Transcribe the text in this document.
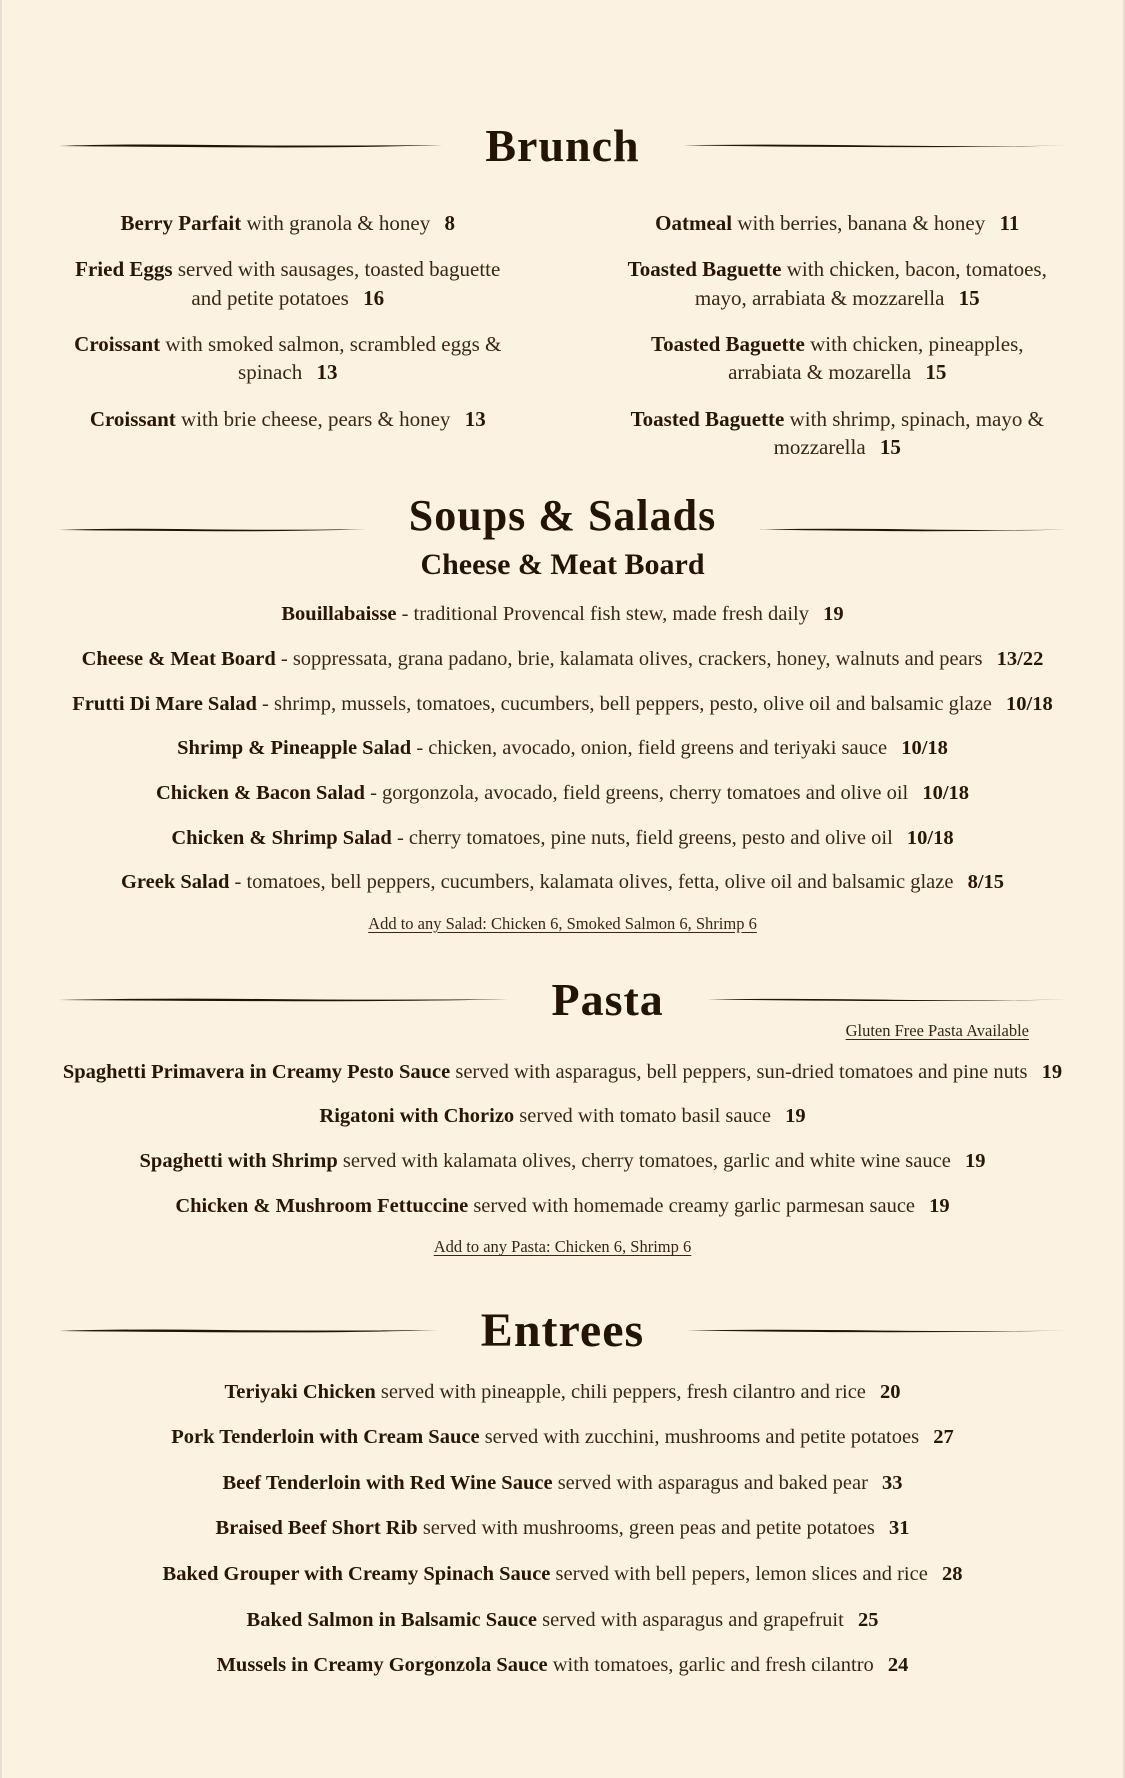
Brunch
Berry Parfait with granola & honey 8	Oatmeal with berries, banana & honey 11
Fried Eggs served with sausages, toasted baguette and petite potatoes 16
Toasted Baguette with chicken, bacon, tomatoes, mayo, arrabiata & mozzarella 15
Croissant with smoked salmon, scrambled eggs & spinach 13
Toasted Baguette with chicken, pineapples, arrabiata & mozarella 15
Croissant with brie cheese, pears & honey 13	Toasted Baguette with shrimp, spinach, mayo & mozzarella 15
Soups & Salads
Cheese & Meat Board
Bouillabaisse - traditional Provencal fish stew, made fresh daily 19
Cheese & Meat Board - soppressata, grana padano, brie, kalamata olives, crackers, honey, walnuts and pears 13/22
Frutti Di Mare Salad - shrimp, mussels, tomatoes, cucumbers, bell peppers, pesto, olive oil and balsamic glaze 10/18
Shrimp & Pineapple Salad - chicken, avocado, onion, field greens and teriyaki sauce 10/18
Chicken & Bacon Salad - gorgonzola, avocado, field greens, cherry tomatoes and olive oil 10/18
Chicken & Shrimp Salad - cherry tomatoes, pine nuts, field greens, pesto and olive oil 10/18
Greek Salad - tomatoes, bell peppers, cucumbers, kalamata olives, fetta, olive oil and balsamic glaze 8/15
Add to any Salad: Chicken 6, Smoked Salmon 6, Shrimp 6
Pasta
Gluten Free Pasta Available
Spaghetti Primavera in Creamy Pesto Sauce served with asparagus, bell peppers, sun-dried tomatoes and pine nuts 19
Rigatoni with Chorizo served with tomato basil sauce 19
Spaghetti with Shrimp served with kalamata olives, cherry tomatoes, garlic and white wine sauce 19
Chicken & Mushroom Fettuccine served with homemade creamy garlic parmesan sauce 19
Add to any Pasta: Chicken 6, Shrimp 6
Entrees
Teriyaki Chicken served with pineapple, chili peppers, fresh cilantro and rice 20
Pork Tenderloin with Cream Sauce served with zucchini, mushrooms and petite potatoes 27
Beef Tenderloin with Red Wine Sauce served with asparagus and baked pear 33
Braised Beef Short Rib served with mushrooms, green peas and petite potatoes 31
Baked Grouper with Creamy Spinach Sauce served with bell pepers, lemon slices and rice 28
Baked Salmon in Balsamic Sauce served with asparagus and grapefruit 25
Mussels in Creamy Gorgonzola Sauce with tomatoes, garlic and fresh cilantro 24
